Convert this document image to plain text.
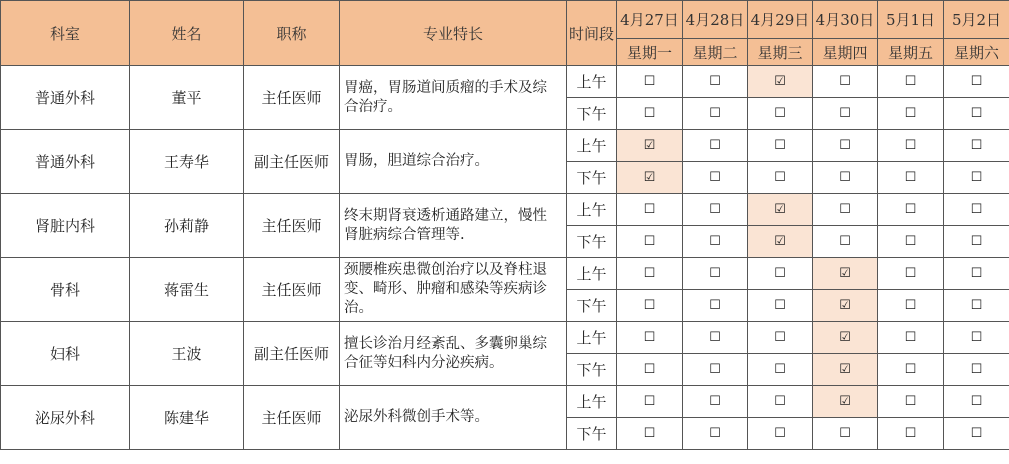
科室	姓名	职称	专业特长	时间段	4月27日	4月28日	4月29日	4月30日	5月1日	5月2日
					星期一	星期二	星期三	星期四	星期五	星期六
普通外科	董平	主任医师	胃癌，胃肠道间质瘤的手术及综合治疗。	上午	☐	☐	☑	☐	☐	☐
				下午	☐	☐	☐	☐	☐	☐
普通外科	王寿华	副主任医师	胃肠，胆道综合治疗。	上午	☑	☐	☐	☐	☐	☐
				下午	☑	☐	☐	☐	☐	☐
肾脏内科	孙莉静	主任医师	终末期肾衰透析通路建立，慢性肾脏病综合管理等.	上午	☐	☐	☑	☐	☐	☐
				下午	☐	☐	☑	☐	☐	☐
骨科	蒋雷生	主任医师	颈腰椎疾患微创治疗以及脊柱退变、畸形、肿瘤和感染等疾病诊治。	上午	☐	☐	☐	☑	☐	☐
				下午	☐	☐	☐	☑	☐	☐
妇科	王波	副主任医师	擅长诊治月经紊乱、多囊卵巢综合征等妇科内分泌疾病。	上午	☐	☐	☐	☑	☐	☐
				下午	☐	☐	☐	☑	☐	☐
泌尿外科	陈建华	主任医师	泌尿外科微创手术等。	上午	☐	☐	☐	☑	☐	☐
				下午	☐	☐	☐	☐	☐	☐
